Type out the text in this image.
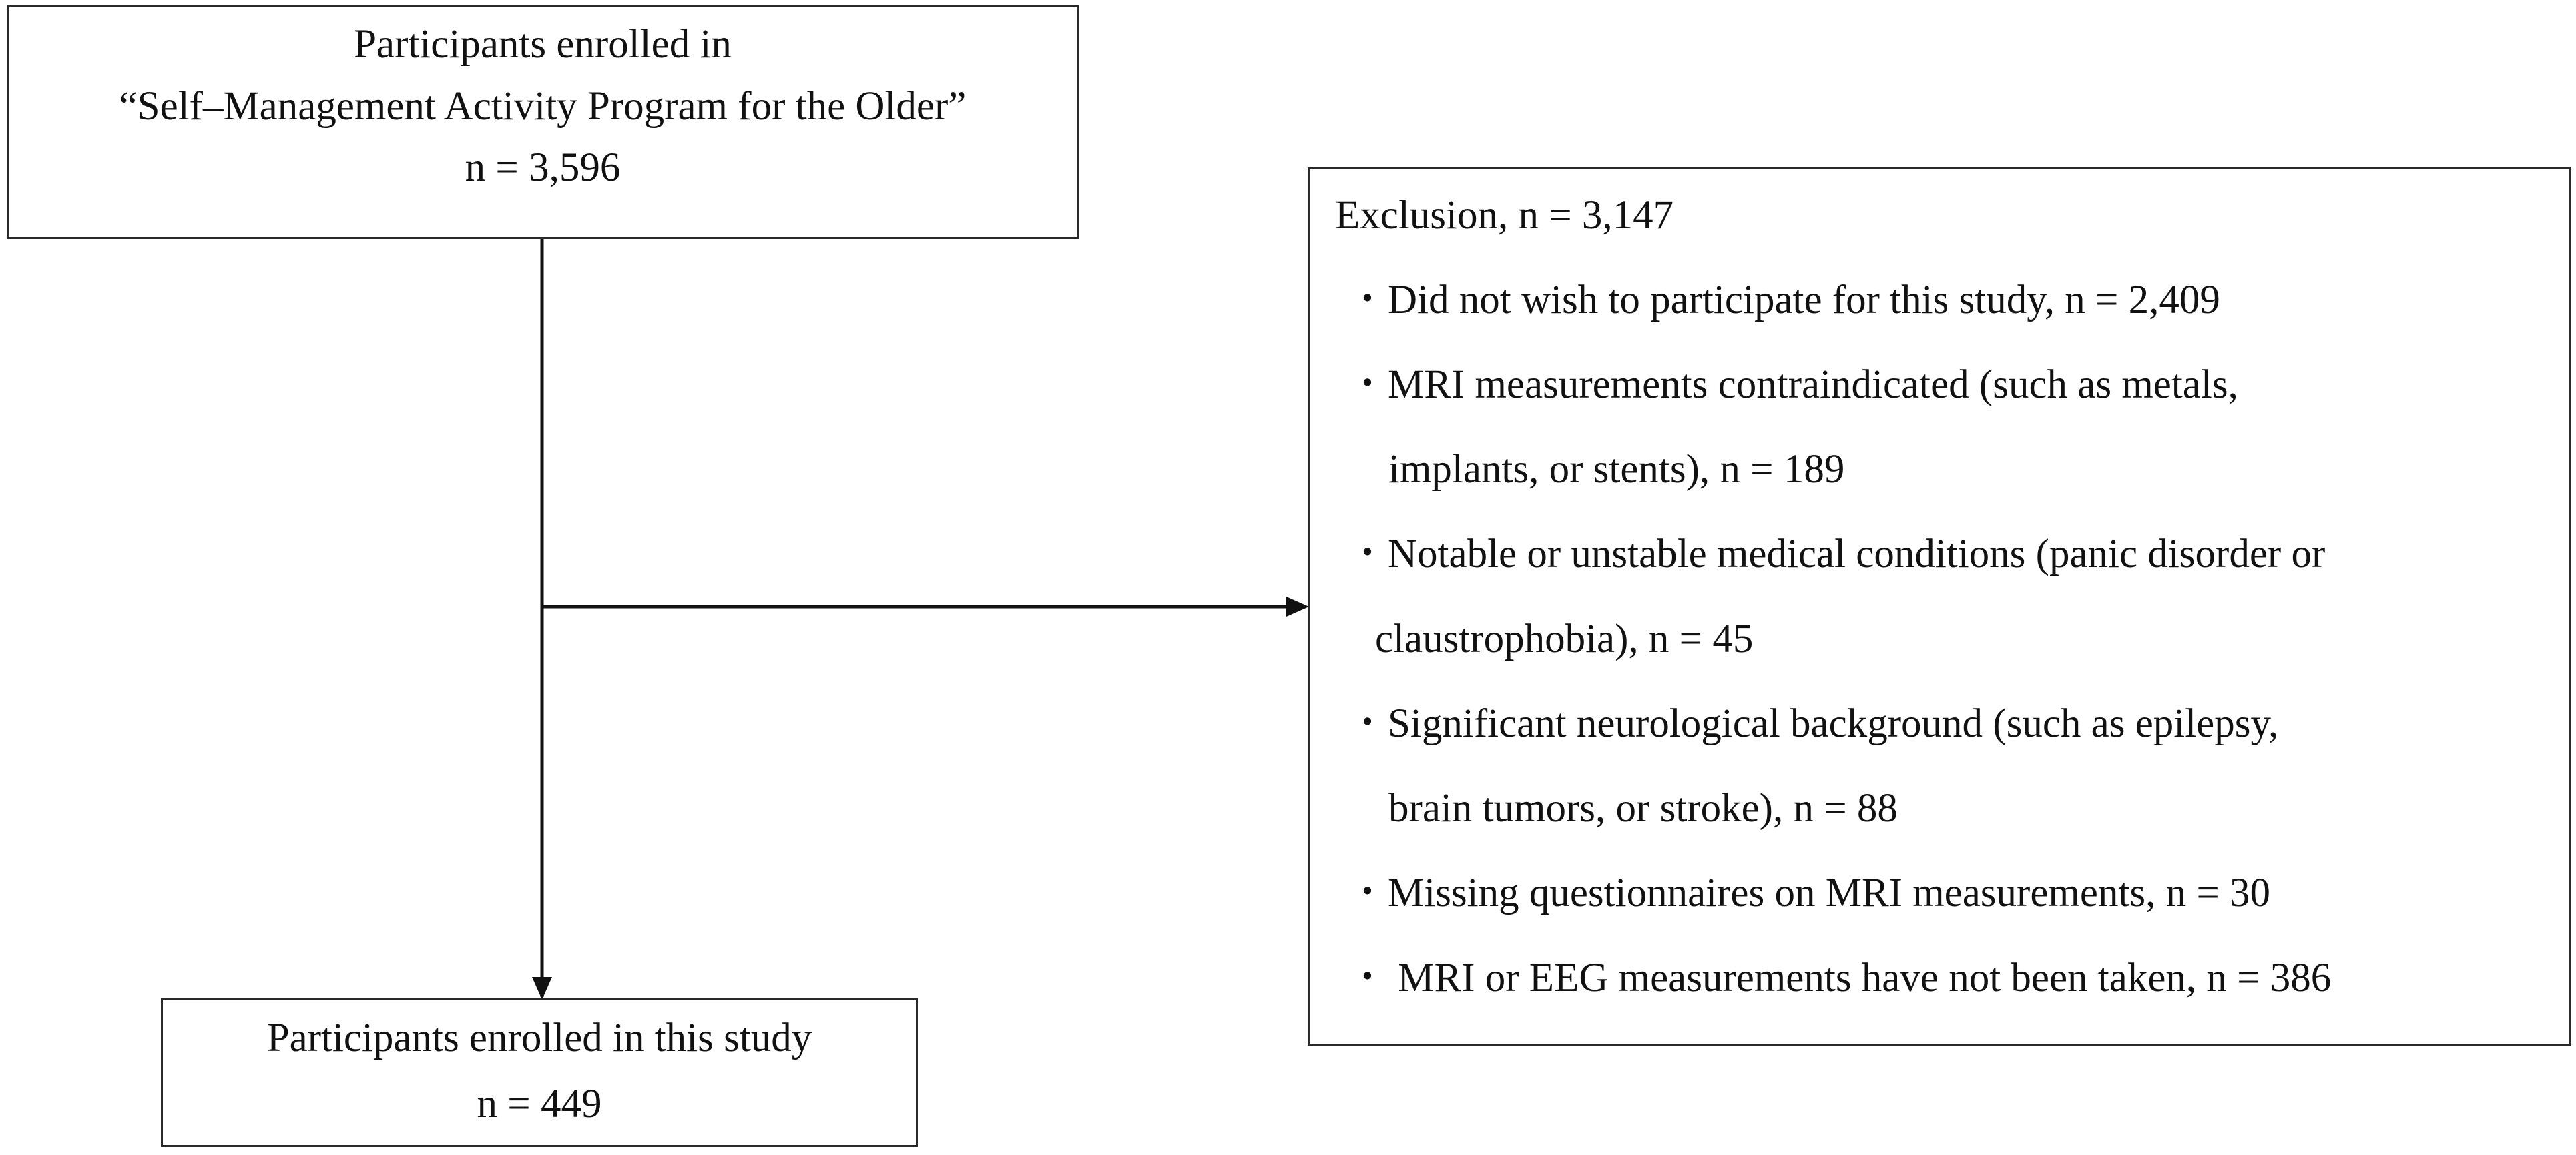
Participants enrolled in
“Self–Management Activity Program for the Older”
n = 3,596
Exclusion, n = 3,147
・Did not wish to participate for this study, n = 2,409
・MRI measurements contraindicated (such as metals,
implants, or stents), n = 189
・Notable or unstable medical conditions (panic disorder or
claustrophobia), n = 45
・Significant neurological background (such as epilepsy,
brain tumors, or stroke), n = 88
・Missing questionnaires on MRI measurements, n = 30
・ MRI or EEG measurements have not been taken, n = 386
Participants enrolled in this study
n = 449
